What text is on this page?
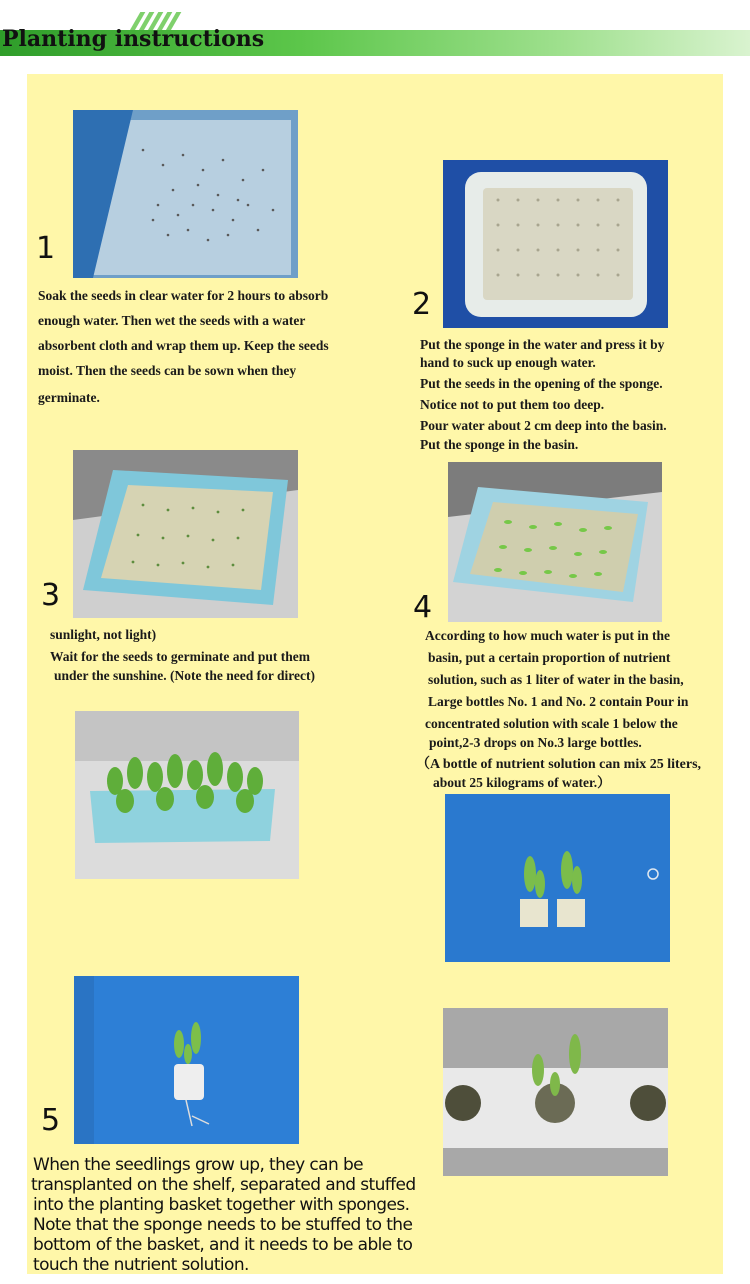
Planting instructions
1
Soak the seeds in clear water for 2 hours to absorb
enough water. Then wet the seeds with a water
absorbent cloth and wrap them up. Keep the seeds
moist. Then the seeds can be sown when they
germinate.
2
Put the sponge in the water and press it by
hand to suck up enough water.
Put the seeds in the opening of the sponge.
Notice not to put them too deep.
Pour water about 2 cm deep into the basin.
Put the sponge in the basin.
3
sunlight, not light)
Wait for the seeds to germinate and put them
under the sunshine. (Note the need for direct)
4
According to how much water is put in the
basin, put a certain proportion of nutrient
solution, such as 1 liter of water in the basin,
Large bottles No. 1 and No. 2 contain Pour in
concentrated solution with scale 1 below the
point,2-3 drops on No.3 large bottles.
（A bottle of nutrient solution can mix 25 liters,
about 25 kilograms of water.）
5
When the seedlings grow up, they can be
transplanted on the shelf, separated and stuffed
into the planting basket together with sponges.
Note that the sponge needs to be stuffed to the
bottom of the basket, and it needs to be able to
touch the nutrient solution.
